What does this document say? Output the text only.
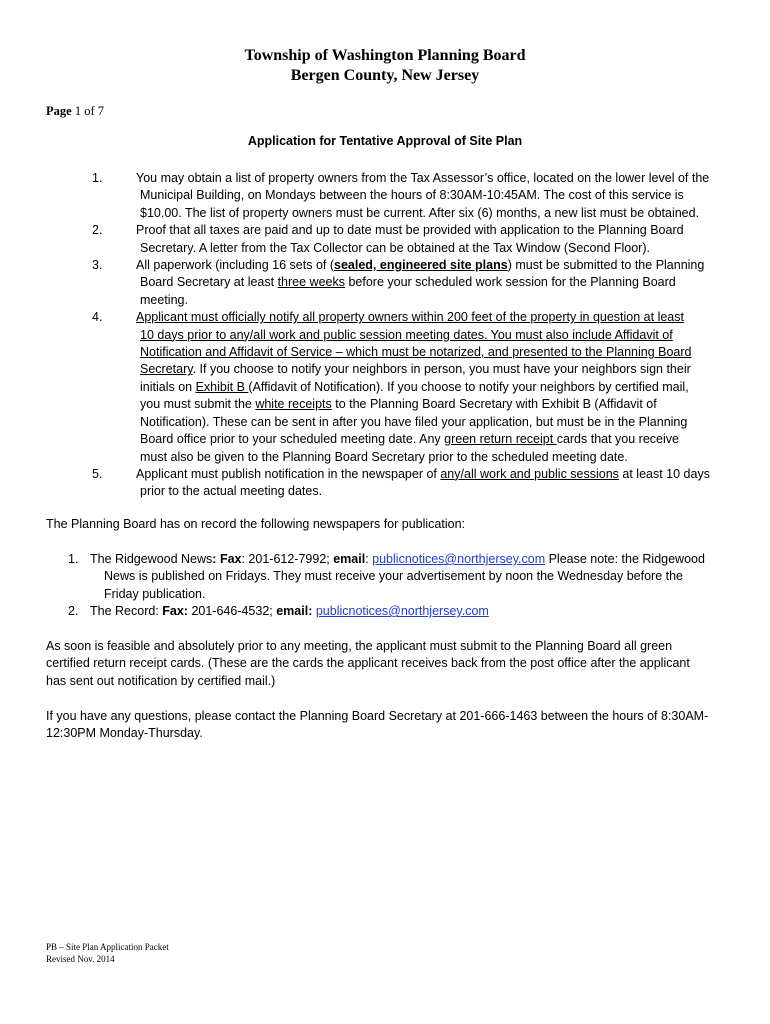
Township of Washington Planning Board
Bergen County, New Jersey
Page 1 of 7
Application for Tentative Approval of Site Plan
1.	You may obtain a list of property owners from the Tax Assessor’s office, located on the lower level of the
Municipal Building, on Mondays between the hours of 8:30AM-10:45AM. The cost of this service is
$10.00. The list of property owners must be current. After six (6) months, a new list must be obtained.
2.	Proof that all taxes are paid and up to date must be provided with application to the Planning Board
Secretary. A letter from the Tax Collector can be obtained at the Tax Window (Second Floor).
3.	All paperwork (including 16 sets of (sealed, engineered site plans) must be submitted to the Planning
Board Secretary at least three weeks before your scheduled work session for the Planning Board
meeting.
4.	Applicant must officially notify all property owners within 200 feet of the property in question at least
10 days prior to any/all work and public session meeting dates. You must also include Affidavit of
Notification and Affidavit of Service – which must be notarized, and presented to the Planning Board
Secretary. If you choose to notify your neighbors in person, you must have your neighbors sign their
initials on Exhibit B (Affidavit of Notification). If you choose to notify your neighbors by certified mail,
you must submit the white receipts to the Planning Board Secretary with Exhibit B (Affidavit of
Notification). These can be sent in after you have filed your application, but must be in the Planning
Board office prior to your scheduled meeting date. Any green return receipt cards that you receive
must also be given to the Planning Board Secretary prior to the scheduled meeting date.
5.	Applicant must publish notification in the newspaper of any/all work and public sessions at least 10 days
prior to the actual meeting dates.
The Planning Board has on record the following newspapers for publication:
1. The Ridgewood News: Fax: 201-612-7992; email: publicnotices@northjersey.com Please note: the Ridgewood
News is published on Fridays. They must receive your advertisement by noon the Wednesday before the
Friday publication.
2. The Record: Fax: 201-646-4532; email: publicnotices@northjersey.com
As soon is feasible and absolutely prior to any meeting, the applicant must submit to the Planning Board all green
certified return receipt cards. (These are the cards the applicant receives back from the post office after the applicant
has sent out notification by certified mail.)
If you have any questions, please contact the Planning Board Secretary at 201-666-1463 between the hours of 8:30AM-
12:30PM Monday-Thursday.
PB – Site Plan Application Packet
Revised Nov. 2014
